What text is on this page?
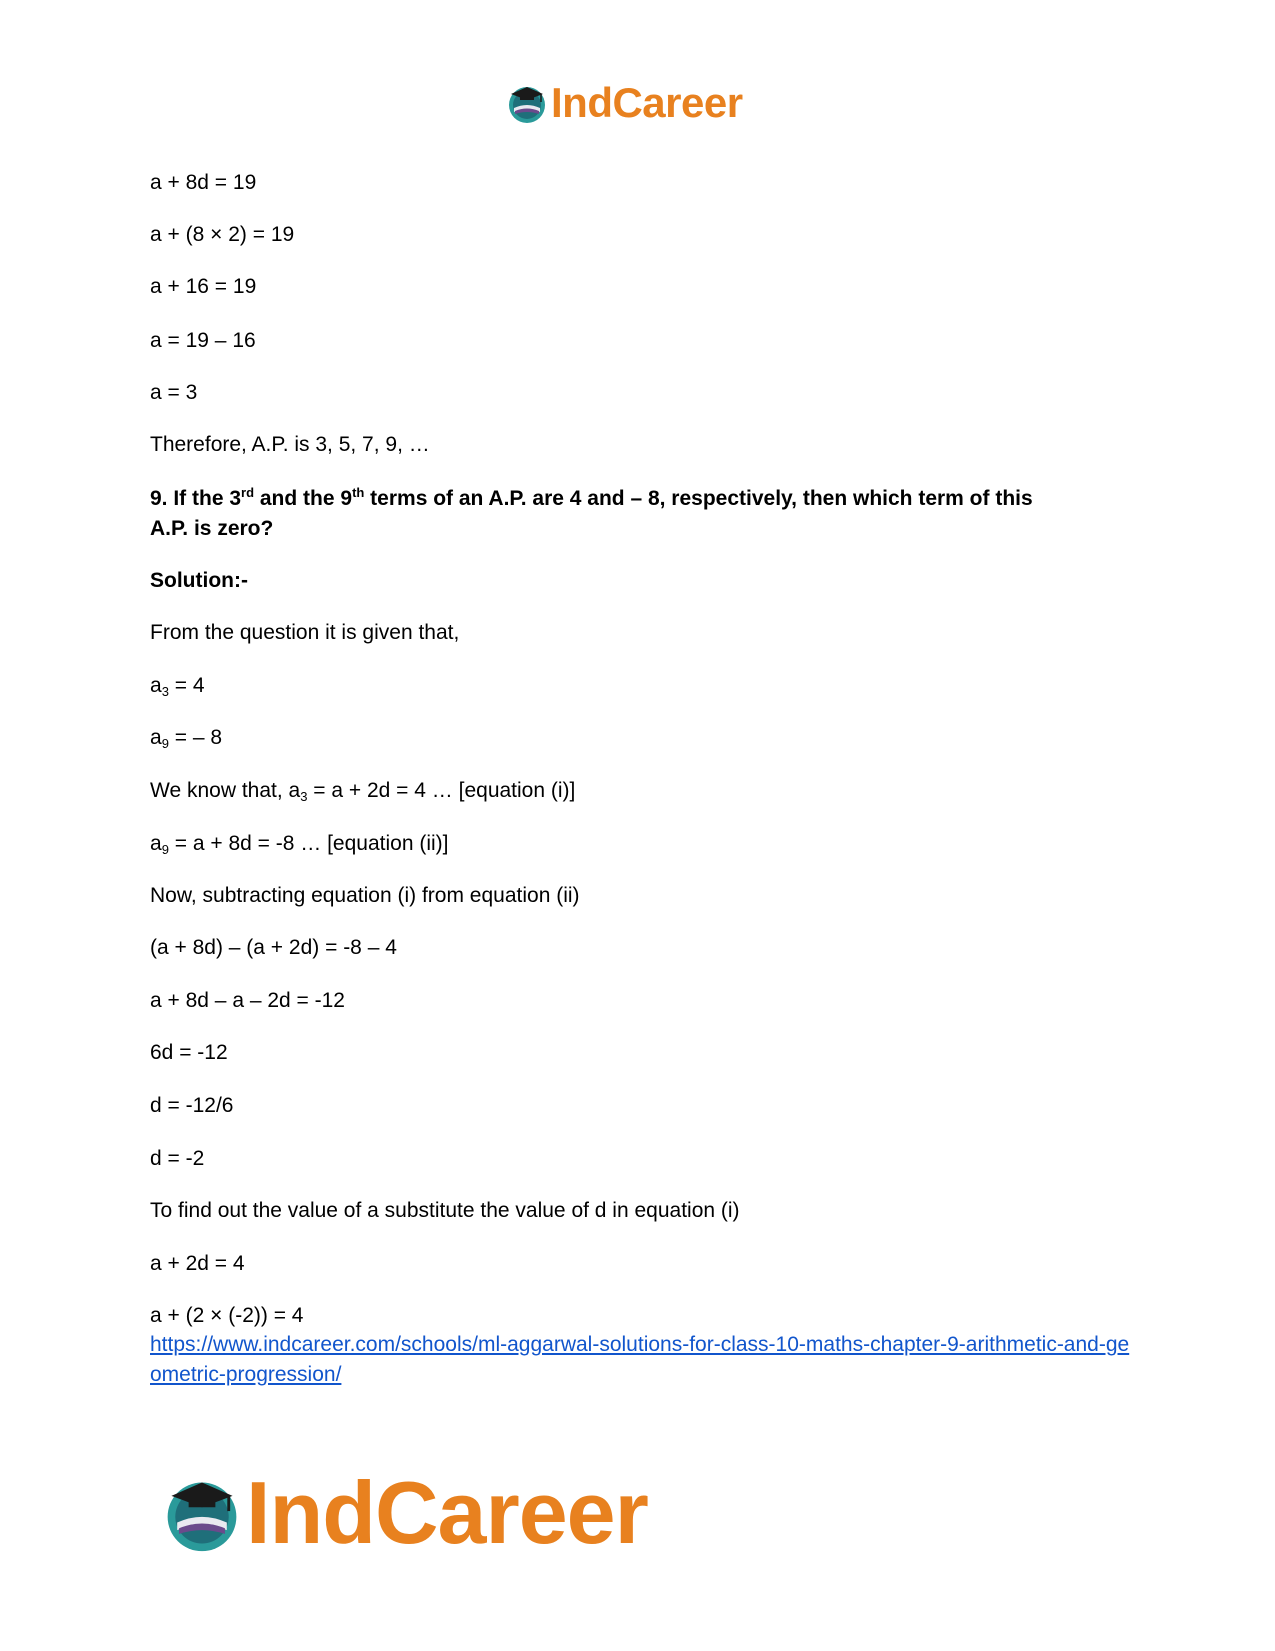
IndCareer
a + 8d = 19
a + (8 × 2) = 19
a + 16 = 19
a = 19 – 16
a = 3
Therefore, A.P. is 3, 5, 7, 9, …
9. If the 3rd and the 9th terms of an A.P. are 4 and – 8, respectively, then which term of this
A.P. is zero?
Solution:-
From the question it is given that,
$a_3 = 4$
$a_9$ = – 8
We know that, $a_3 = a + 2d = 4$ … [equation (i)]
$a_9 = a + 8d = -8$ … [equation (ii)]
Now, subtracting equation (i) from equation (ii)
(a + 8d) – (a + 2d) = -8 – 4
a + 8d – a – 2d = -12
6d = -12
d = -12/6
d = -2
To find out the value of a substitute the value of d in equation (i)
a + 2d = 4
a + (2 × (-2)) = 4
https://www.indcareer.com/schools/ml-aggarwal-solutions-for-class-10-maths-chapter-9-arithmetic-and-geometric-progression/
IndCareer
